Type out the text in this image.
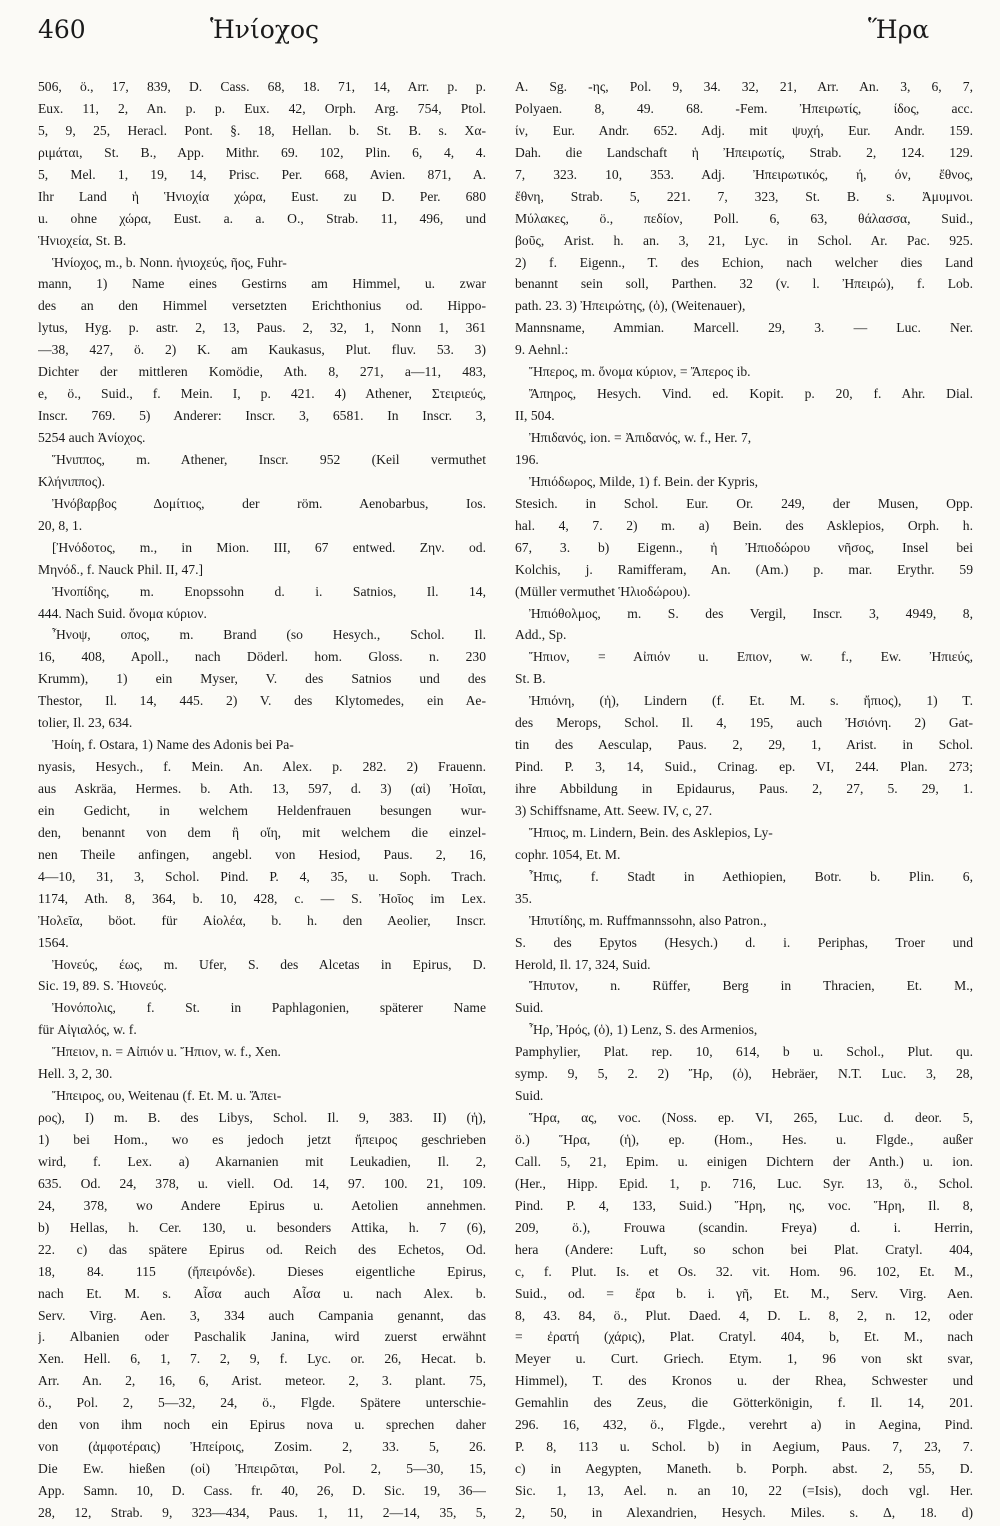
460	Ἡνίοχος	Ἥρα
506, ö., 17, 839, D. Cass. 68, 18. 71, 14, Arr. p. p.
Eux. 11, 2, An. p. p. Eux. 42, Orph. Arg. 754, Ptol.
5, 9, 25, Heracl. Pont. §. 18, Hellan. b. St. B. s. Χα-
ριμάται, St. B., App. Mithr. 69. 102, Plin. 6, 4, 4.
5, Mel. 1, 19, 14, Prisc. Per. 668, Avien. 871, A.
Ihr Land ἡ Ἡνιοχία χώρα, Eust. zu D. Per. 680
u. ohne χώρα, Eust. a. a. O., Strab. 11, 496, und
Ἡνιοχεία, St. B.
Ἡνίοχος, m., b. Nonn. ἡνιοχεύς, ῆος, Fuhr-
mann, 1) Name eines Gestirns am Himmel, u. zwar
des an den Himmel versetzten Erichthonius od. Hippo-
lytus, Hyg. p. astr. 2, 13, Paus. 2, 32, 1, Nonn 1, 361
—38, 427, ö. 2) K. am Kaukasus, Plut. fluv. 53. 3)
Dichter der mittleren Komödie, Ath. 8, 271, a—11, 483,
e, ö., Suid., f. Mein. I, p. 421. 4) Athener, Στειριεύς,
Inscr. 769. 5) Anderer: Inscr. 3, 6581. In Inscr. 3,
5254 auch Ἀνίοχος.
Ἥνιππος, m. Athener, Inscr. 952 (Keil vermuthet
Κλήνιππος).
Ἠνόβαρβος Δομίτιος, der röm. Aenobarbus, Ios.
20, 8, 1.
[Ἠνόδοτος, m., in Mion. III, 67 entwed. Ζην. od.
Μηνόδ., f. Nauck Phil. II, 47.]
Ἠνοπίδης, m. Enopssohn d. i. Satnios, Il. 14,
444. Nach Suid. ὄνομα κύριον.
Ἦνοψ, οπος, m. Brand (so Hesych., Schol. Il.
16, 408, Apoll., nach Döderl. hom. Gloss. n. 230
Krumm), 1) ein Myser, V. des Satnios und des
Thestor, Il. 14, 445. 2) V. des Klytomedes, ein Ae-
tolier, Il. 23, 634.
Ἠοίη, f. Ostara, 1) Name des Adonis bei Pa-
nyasis, Hesych., f. Mein. An. Alex. p. 282. 2) Frauenn.
aus Askräa, Hermes. b. Ath. 13, 597, d. 3) (αἱ) Ἠοῖαι,
ein Gedicht, in welchem Heldenfrauen besungen wur-
den, benannt von dem ἢ οἵη, mit welchem die einzel-
nen Theile anfingen, angebl. von Hesiod, Paus. 2, 16,
4—10, 31, 3, Schol. Pind. P. 4, 35, u. Soph. Trach.
1174, Ath. 8, 364, b. 10, 428, c. — S. Ἠοῖος im Lex.
Ἠολεῖα, böot. für Αἰολέα, b. h. den Aeolier, Inscr.
1564.
Ἠονεύς, έως, m. Ufer, S. des Alcetas in Epirus, D.
Sic. 19, 89. S. Ἠιονεύς.
Ἠονόπολις, f. St. in Paphlagonien, späterer Name
für Αἰγιαλός, w. f.
Ἤπειον, n. = Αἰπιόν u. Ἤπιον, w. f., Xen.
Hell. 3, 2, 30.
Ἤπειρος, ου, Weitenau (f. Et. M. u. Ἄπει-
ρος), I) m. B. des Libys, Schol. Il. 9, 383. II) (ἡ),
1) bei Hom., wo es jedoch jetzt ἤπειρος geschrieben
wird, f. Lex. a) Akarnanien mit Leukadien, Il. 2,
635. Od. 24, 378, u. viell. Od. 14, 97. 100. 21, 109.
24, 378, wo Andere Epirus u. Aetolien annehmen.
b) Hellas, h. Cer. 130, u. besonders Attika, h. 7 (6),
22. c) das spätere Epirus od. Reich des Echetos, Od.
18, 84. 115 (ἤπειρόνδε). Dieses eigentliche Epirus,
nach Et. M. s. Αἶσα auch Αἶσα u. nach Alex. b.
Serv. Virg. Aen. 3, 334 auch Campania genannt, das
j. Albanien oder Paschalik Janina, wird zuerst erwähnt
Xen. Hell. 6, 1, 7. 2, 9, f. Lyc. or. 26, Hecat. b.
Arr. An. 2, 16, 6, Arist. meteor. 2, 3. plant. 75,
ö., Pol. 2, 5—32, 24, ö., Flgde. Spätere unterschie-
den von ihm noch ein Epirus nova u. sprechen daher
von (ἀμφοτέραις) Ἠπείροις, Zosim. 2, 33. 5, 26.
Die Ew. hießen (οἱ) Ἠπειρῶται, Pol. 2, 5—30, 15,
App. Samn. 10, D. Cass. fr. 40, 26, D. Sic. 19, 36—
28, 12, Strab. 9, 323—434, Paus. 1, 11, 2—14, 35, 5,
A. Sg. -ης, Pol. 9, 34. 32, 21, Arr. An. 3, 6, 7,
Polyaen. 8, 49. 68. -Fem. Ἠπειρωτίς, ίδος, acc.
ίν, Eur. Andr. 652. Adj. mit ψυχή, Eur. Andr. 159.
Dah. die Landschaft ἡ Ἠπειρωτίς, Strab. 2, 124. 129.
7, 323. 10, 353. Adj. Ἠπειρωτικός, ή, όν, ἔθνος,
ἔθνη, Strab. 5, 221. 7, 323, St. B. s. Ἀμυμνοι.
Μύλακες, ö., πεδίον, Poll. 6, 63, θάλασσα, Suid.,
βοῦς, Arist. h. an. 3, 21, Lyc. in Schol. Ar. Pac. 925.
2) f. Eigenn., T. des Echion, nach welcher dies Land
benannt sein soll, Parthen. 32 (v. l. Ἠπειρώ), f. Lob.
path. 23. 3) Ἠπειρώτης, (ὁ), (Weitenauer),
Mannsname, Ammian. Marcell. 29, 3. — Luc. Ner.
9. Aehnl.:
Ἤπερος, m. ὄνομα κύριον, = Ἄπερος ib.
Ἄπηρος, Hesych. Vind. ed. Kopit. p. 20, f. Ahr. Dial.
II, 504.
Ἠπιδανός, ion. = Ἀπιδανός, w. f., Her. 7,
196.
Ἠπιόδωρος, Milde, 1) f. Bein. der Kypris,
Stesich. in Schol. Eur. Or. 249, der Musen, Opp.
hal. 4, 7. 2) m. a) Bein. des Asklepios, Orph. h.
67, 3. b) Eigenn., ἡ Ἠπιοδώρου νῆσος, Insel bei
Kolchis, j. Ramifferam, An. (Am.) p. mar. Erythr. 59
(Müller vermuthet Ἡλιοδώρου).
Ἠπιόθολμος, m. S. des Vergil, Inscr. 3, 4949, 8,
Add., Sp.
Ἤπιον, = Αἰπιόν u. Επιον, w. f., Ew. Ἠπιεύς,
St. B.
Ἠπιόνη, (ἡ), Lindern (f. Et. M. s. ἤπιος), 1) T.
des Merops, Schol. Il. 4, 195, auch Ἠσιόνη. 2) Gat-
tin des Aesculap, Paus. 2, 29, 1, Arist. in Schol.
Pind. P. 3, 14, Suid., Crinag. ep. VI, 244. Plan. 273;
ihre Abbildung in Epidaurus, Paus. 2, 27, 5. 29, 1.
3) Schiffsname, Att. Seew. IV, c, 27.
Ἤπιος, m. Lindern, Bein. des Asklepios, Ly-
cophr. 1054, Et. M.
Ἦπις, f. Stadt in Aethiopien, Botr. b. Plin. 6,
35.
Ἠπυτίδης, m. Ruffmannssohn, also Patron.,
S. des Epytos (Hesych.) d. i. Periphas, Troer und
Herold, Il. 17, 324, Suid.
Ἤπυτον, n. Rüffer, Berg in Thracien, Et. M.,
Suid.
Ἦρ, Ἠρός, (ὁ), 1) Lenz, S. des Armenios,
Pamphylier, Plat. rep. 10, 614, b u. Schol., Plut. qu.
symp. 9, 5, 2. 2) Ἤρ, (ὁ), Hebräer, N.T. Luc. 3, 28,
Suid.
Ἥρα, ας, voc. (Noss. ep. VI, 265, Luc. d. deor. 5,
ö.) Ἥρα, (ἡ), ep. (Hom., Hes. u. Flgde., außer
Call. 5, 21, Epim. u. einigen Dichtern der Anth.) u. ion.
(Her., Hipp. Epid. 1, p. 716, Luc. Syr. 13, ö., Schol.
Pind. P. 4, 133, Suid.) Ἥρη, ης, voc. Ἥρη, Il. 8,
209, ö.), Frouwa (scandin. Freya) d. i. Herrin,
hera (Andere: Luft, so schon bei Plat. Cratyl. 404,
c, f. Plut. Is. et Os. 32. vit. Hom. 96. 102, Et. M.,
Suid., od. = ἔρα b. i. γῆ, Et. M., Serv. Virg. Aen.
8, 43. 84, ö., Plut. Daed. 4, D. L. 8, 2, n. 12, oder
= ἐρατή (χάρις), Plat. Cratyl. 404, b, Et. M., nach
Meyer u. Curt. Griech. Etym. 1, 96 von skt svar,
Himmel), T. des Kronos u. der Rhea, Schwester und
Gemahlin des Zeus, die Götterkönigin, f. Il. 14, 201.
296. 16, 432, ö., Flgde., verehrt a) in Aegina, Pind.
P. 8, 113 u. Schol. b) in Aegium, Paus. 7, 23, 7.
c) in Aegypten, Maneth. b. Porph. abst. 2, 55, D.
Sic. 1, 13, Ael. n. an 10, 22 (=Isis), doch vgl. Her.
2, 50, in Alexandrien, Hesych. Miles. s. Δ, 18. d)
